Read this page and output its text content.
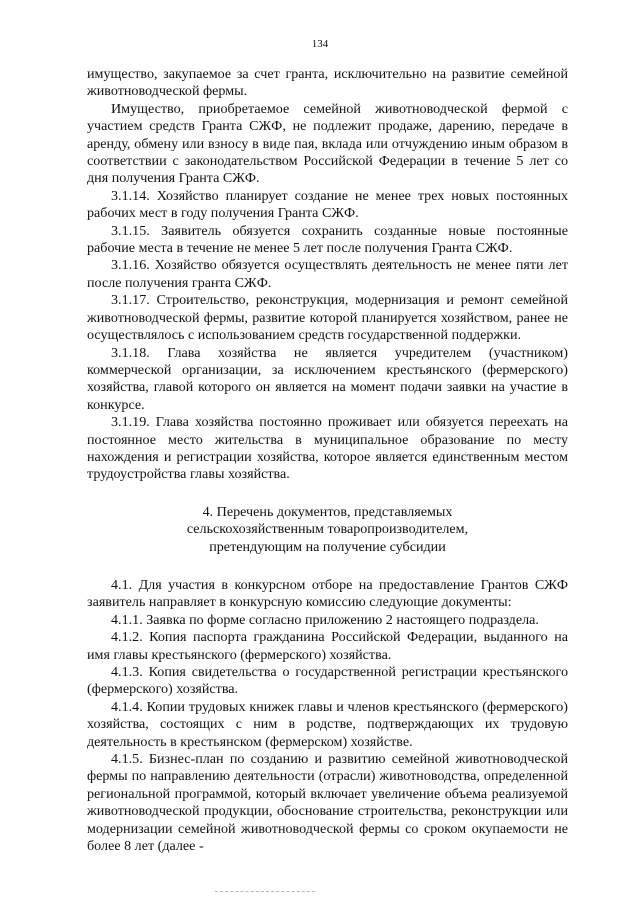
134

имущество, закупаемое за счет гранта, исключительно на развитие семейной животноводческой фермы.

Имущество, приобретаемое семейной животноводческой фермой с участием средств Гранта СЖФ, не подлежит продаже, дарению, передаче в аренду, обмену или взносу в виде пая, вклада или отчуждению иным образом в соответствии с законодательством Российской Федерации в течение 5 лет со дня получения Гранта СЖФ.

3.1.14. Хозяйство планирует создание не менее трех новых постоянных рабочих мест в году получения Гранта СЖФ.

3.1.15. Заявитель обязуется сохранить созданные новые постоянные рабочие места в течение не менее 5 лет после получения Гранта СЖФ.

3.1.16. Хозяйство обязуется осуществлять деятельность не менее пяти лет после получения гранта СЖФ.

3.1.17. Строительство, реконструкция, модернизация и ремонт семейной животноводческой фермы, развитие которой планируется хозяйством, ранее не осуществлялось с использованием средств государственной поддержки.

3.1.18. Глава хозяйства не является учредителем (участником) коммерческой организации, за исключением крестьянского (фермерского) хозяйства, главой которого он является на момент подачи заявки на участие в конкурсе.

3.1.19. Глава хозяйства постоянно проживает или обязуется переехать на постоянное место жительства в муниципальное образование по месту нахождения и регистрации хозяйства, которое является единственным местом трудоустройства главы хозяйства.

4. Перечень документов, представляемых
сельскохозяйственным товаропроизводителем,
претендующим на получение субсидии

4.1. Для участия в конкурсном отборе на предоставление Грантов СЖФ заявитель направляет в конкурсную комиссию следующие документы:

4.1.1. Заявка по форме согласно приложению 2 настоящего подраздела.

4.1.2. Копия паспорта гражданина Российской Федерации, выданного на имя главы крестьянского (фермерского) хозяйства.

4.1.3. Копия свидетельства о государственной регистрации крестьянского (фермерского) хозяйства.

4.1.4. Копии трудовых книжек главы и членов крестьянского (фермерского) хозяйства, состоящих с ним в родстве, подтверждающих их трудовую деятельность в крестьянском (фермерском) хозяйстве.

4.1.5. Бизнес-план по созданию и развитию семейной животноводческой фермы по направлению деятельности (отрасли) животноводства, определенной региональной программой, который включает увеличение объема реализуемой животноводческой продукции, обоснование строительства, реконструкции или модернизации семейной животноводческой фермы со сроком окупаемости не более 8 лет (далее -
